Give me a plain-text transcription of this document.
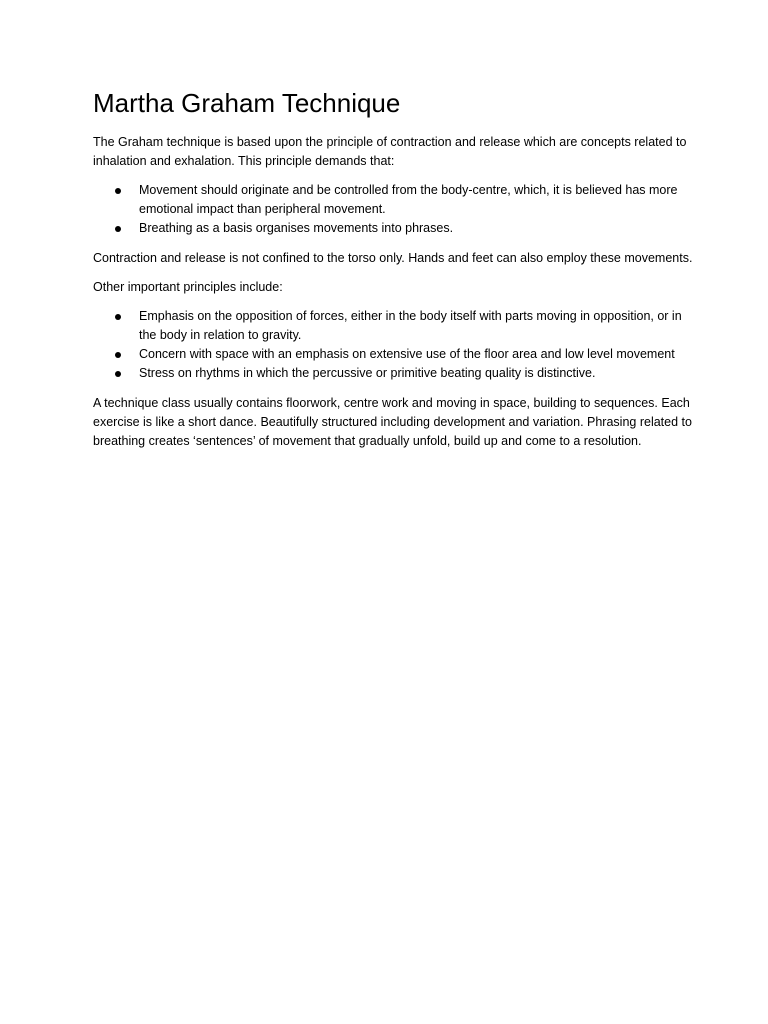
Martha Graham Technique

The Graham technique is based upon the principle of contraction and release which are concepts related to inhalation and exhalation. This principle demands that:

Movement should originate and be controlled from the body-centre, which, it is believed has more emotional impact than peripheral movement.
Breathing as a basis organises movements into phrases.

Contraction and release is not confined to the torso only. Hands and feet can also employ these movements.

Other important principles include:

Emphasis on the opposition of forces, either in the body itself with parts moving in opposition, or in the body in relation to gravity.
Concern with space with an emphasis on extensive use of the floor area and low level movement
Stress on rhythms in which the percussive or primitive beating quality is distinctive.

A technique class usually contains floorwork, centre work and moving in space, building to sequences. Each exercise is like a short dance. Beautifully structured including development and variation. Phrasing related to breathing creates ‘sentences’ of movement that gradually unfold, build up and come to a resolution.
